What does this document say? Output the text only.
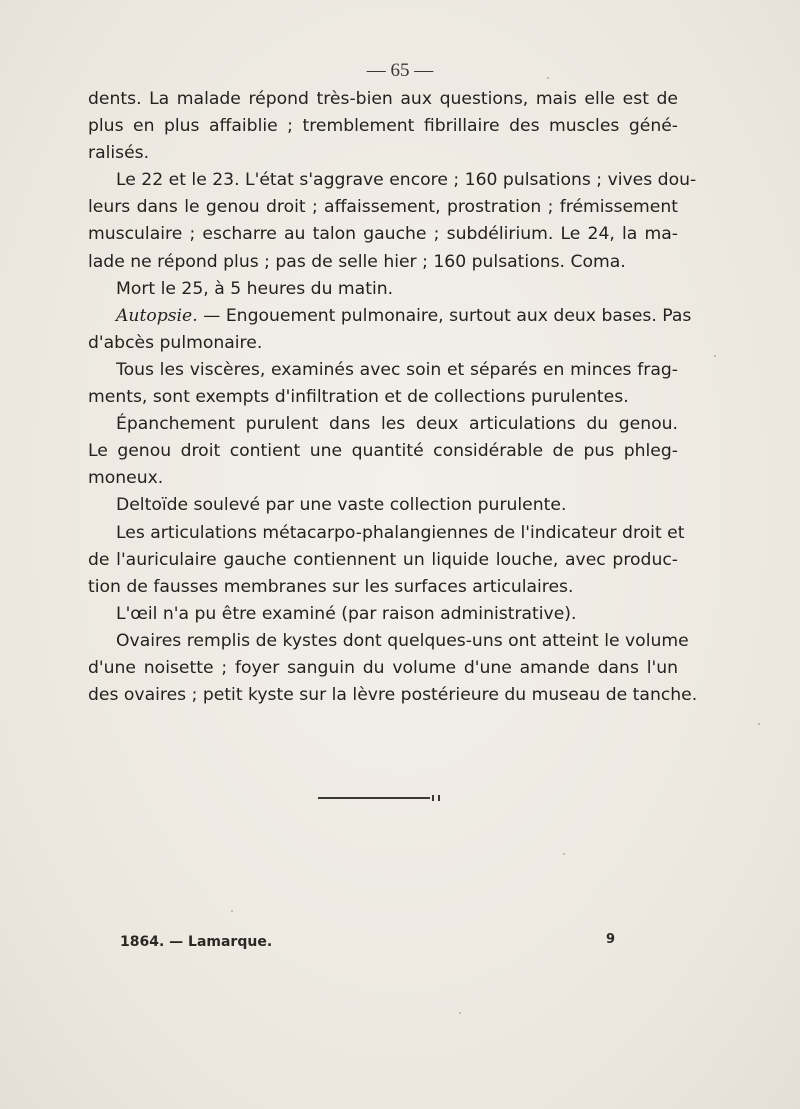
— 65 —
dents. La malade répond très-bien aux questions, mais elle est de
plus en plus affaiblie ; tremblement fibrillaire des muscles géné-
ralisés.
Le 22 et le 23. L'état s'aggrave encore ; 160 pulsations ; vives dou-
leurs dans le genou droit ; affaissement, prostration ; frémissement
musculaire ; escharre au talon gauche ; subdélirium. Le 24, la ma-
lade ne répond plus ; pas de selle hier ; 160 pulsations. Coma.
Mort le 25, à 5 heures du matin.
Autopsie. — Engouement pulmonaire, surtout aux deux bases. Pas
d'abcès pulmonaire.
Tous les viscères, examinés avec soin et séparés en minces frag-
ments, sont exempts d'infiltration et de collections purulentes.
Épanchement purulent dans les deux articulations du genou.
Le genou droit contient une quantité considérable de pus phleg-
moneux.
Deltoïde soulevé par une vaste collection purulente.
Les articulations métacarpo-phalangiennes de l'indicateur droit et
de l'auriculaire gauche contiennent un liquide louche, avec produc-
tion de fausses membranes sur les surfaces articulaires.
L'œil n'a pu être examiné (par raison administrative).
Ovaires remplis de kystes dont quelques-uns ont atteint le volume
d'une noisette ; foyer sanguin du volume d'une amande dans l'un
des ovaires ; petit kyste sur la lèvre postérieure du museau de tanche.
1864. — Lamarque.	9
